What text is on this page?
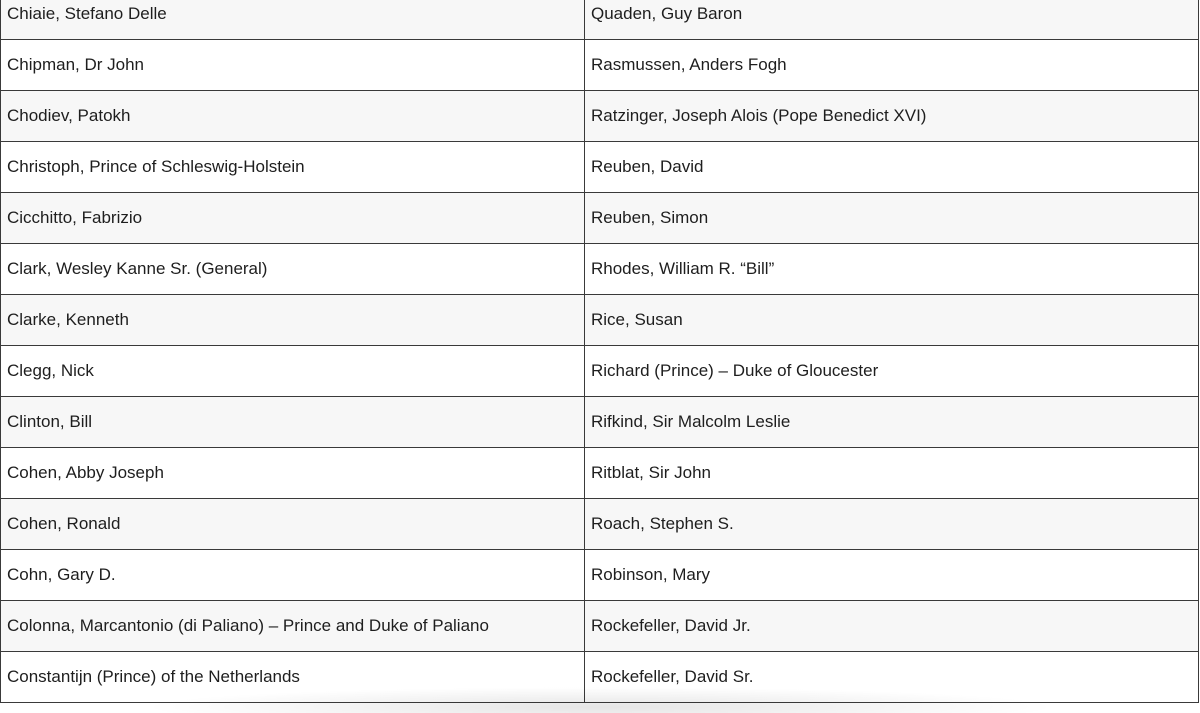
Chiaie, Stefano Delle	Quaden, Guy Baron
Chipman, Dr John	Rasmussen, Anders Fogh
Chodiev, Patokh	Ratzinger, Joseph Alois (Pope Benedict XVI)
Christoph, Prince of Schleswig-Holstein	Reuben, David
Cicchitto, Fabrizio	Reuben, Simon
Clark, Wesley Kanne Sr. (General)	Rhodes, William R. “Bill”
Clarke, Kenneth	Rice, Susan
Clegg, Nick	Richard (Prince) – Duke of Gloucester
Clinton, Bill	Rifkind, Sir Malcolm Leslie
Cohen, Abby Joseph	Ritblat, Sir John
Cohen, Ronald	Roach, Stephen S.
Cohn, Gary D.	Robinson, Mary
Colonna, Marcantonio (di Paliano) – Prince and Duke of Paliano	Rockefeller, David Jr.
Constantijn (Prince) of the Netherlands	Rockefeller, David Sr.
